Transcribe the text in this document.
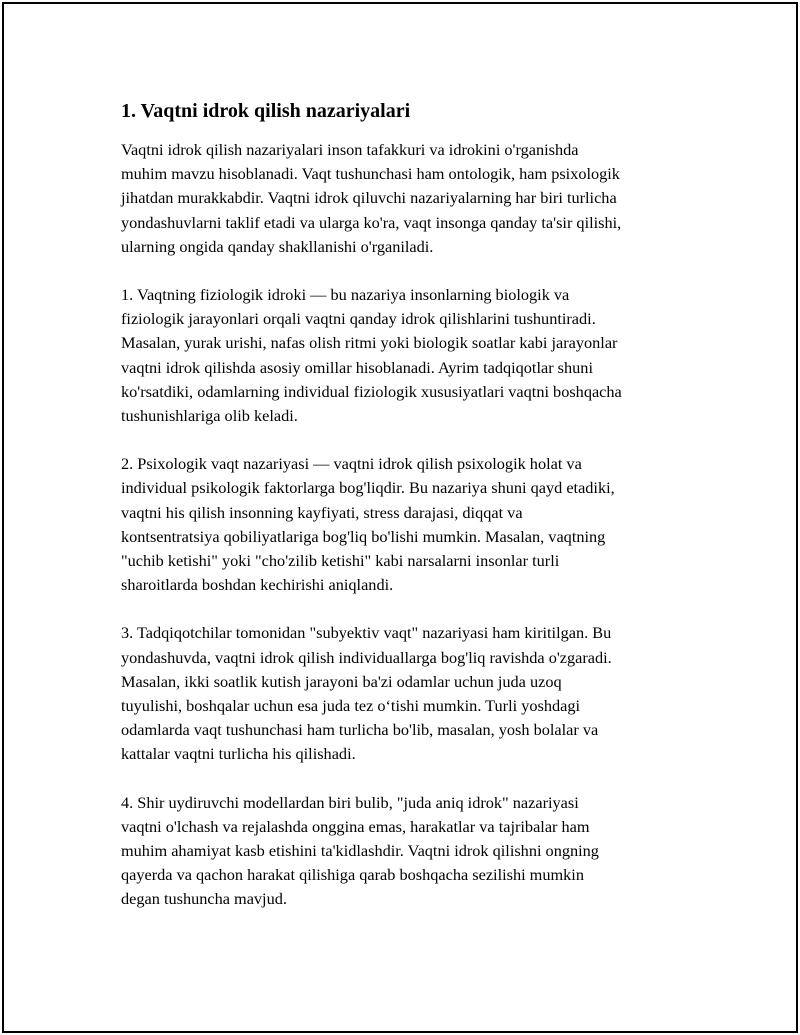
1. Vaqtni idrok qilish nazariyalari

Vaqtni idrok qilish nazariyalari inson tafakkuri va idrokini o'rganishda
muhim mavzu hisoblanadi. Vaqt tushunchasi ham ontologik, ham psixologik
jihatdan murakkabdir. Vaqtni idrok qiluvchi nazariyalarning har biri turlicha
yondashuvlarni taklif etadi va ularga ko'ra, vaqt insonga qanday ta'sir qilishi,
ularning ongida qanday shakllanishi o'rganiladi.

1. Vaqtning fiziologik idroki — bu nazariya insonlarning biologik va
fiziologik jarayonlari orqali vaqtni qanday idrok qilishlarini tushuntiradi.
Masalan, yurak urishi, nafas olish ritmi yoki biologik soatlar kabi jarayonlar
vaqtni idrok qilishda asosiy omillar hisoblanadi. Ayrim tadqiqotlar shuni
ko'rsatdiki, odamlarning individual fiziologik xususiyatlari vaqtni boshqacha
tushunishlariga olib keladi.

2. Psixologik vaqt nazariyasi — vaqtni idrok qilish psixologik holat va
individual psikologik faktorlarga bog'liqdir. Bu nazariya shuni qayd etadiki,
vaqtni his qilish insonning kayfiyati, stress darajasi, diqqat va
kontsentratsiya qobiliyatlariga bog'liq bo'lishi mumkin. Masalan, vaqtning
"uchib ketishi" yoki "cho'zilib ketishi" kabi narsalarni insonlar turli
sharoitlarda boshdan kechirishi aniqlandi.

3. Tadqiqotchilar tomonidan "subyektiv vaqt" nazariyasi ham kiritilgan. Bu
yondashuvda, vaqtni idrok qilish individuallarga bog'liq ravishda o'zgaradi.
Masalan, ikki soatlik kutish jarayoni ba'zi odamlar uchun juda uzoq
tuyulishi, boshqalar uchun esa juda tez o‘tishi mumkin. Turli yoshdagi
odamlarda vaqt tushunchasi ham turlicha bo'lib, masalan, yosh bolalar va
kattalar vaqtni turlicha his qilishadi.

4. Shir uydiruvchi modellardan biri bulib, "juda aniq idrok" nazariyasi
vaqtni o'lchash va rejalashda onggina emas, harakatlar va tajribalar ham
muhim ahamiyat kasb etishini ta'kidlashdir. Vaqtni idrok qilishni ongning
qayerda va qachon harakat qilishiga qarab boshqacha sezilishi mumkin
degan tushuncha mavjud.
